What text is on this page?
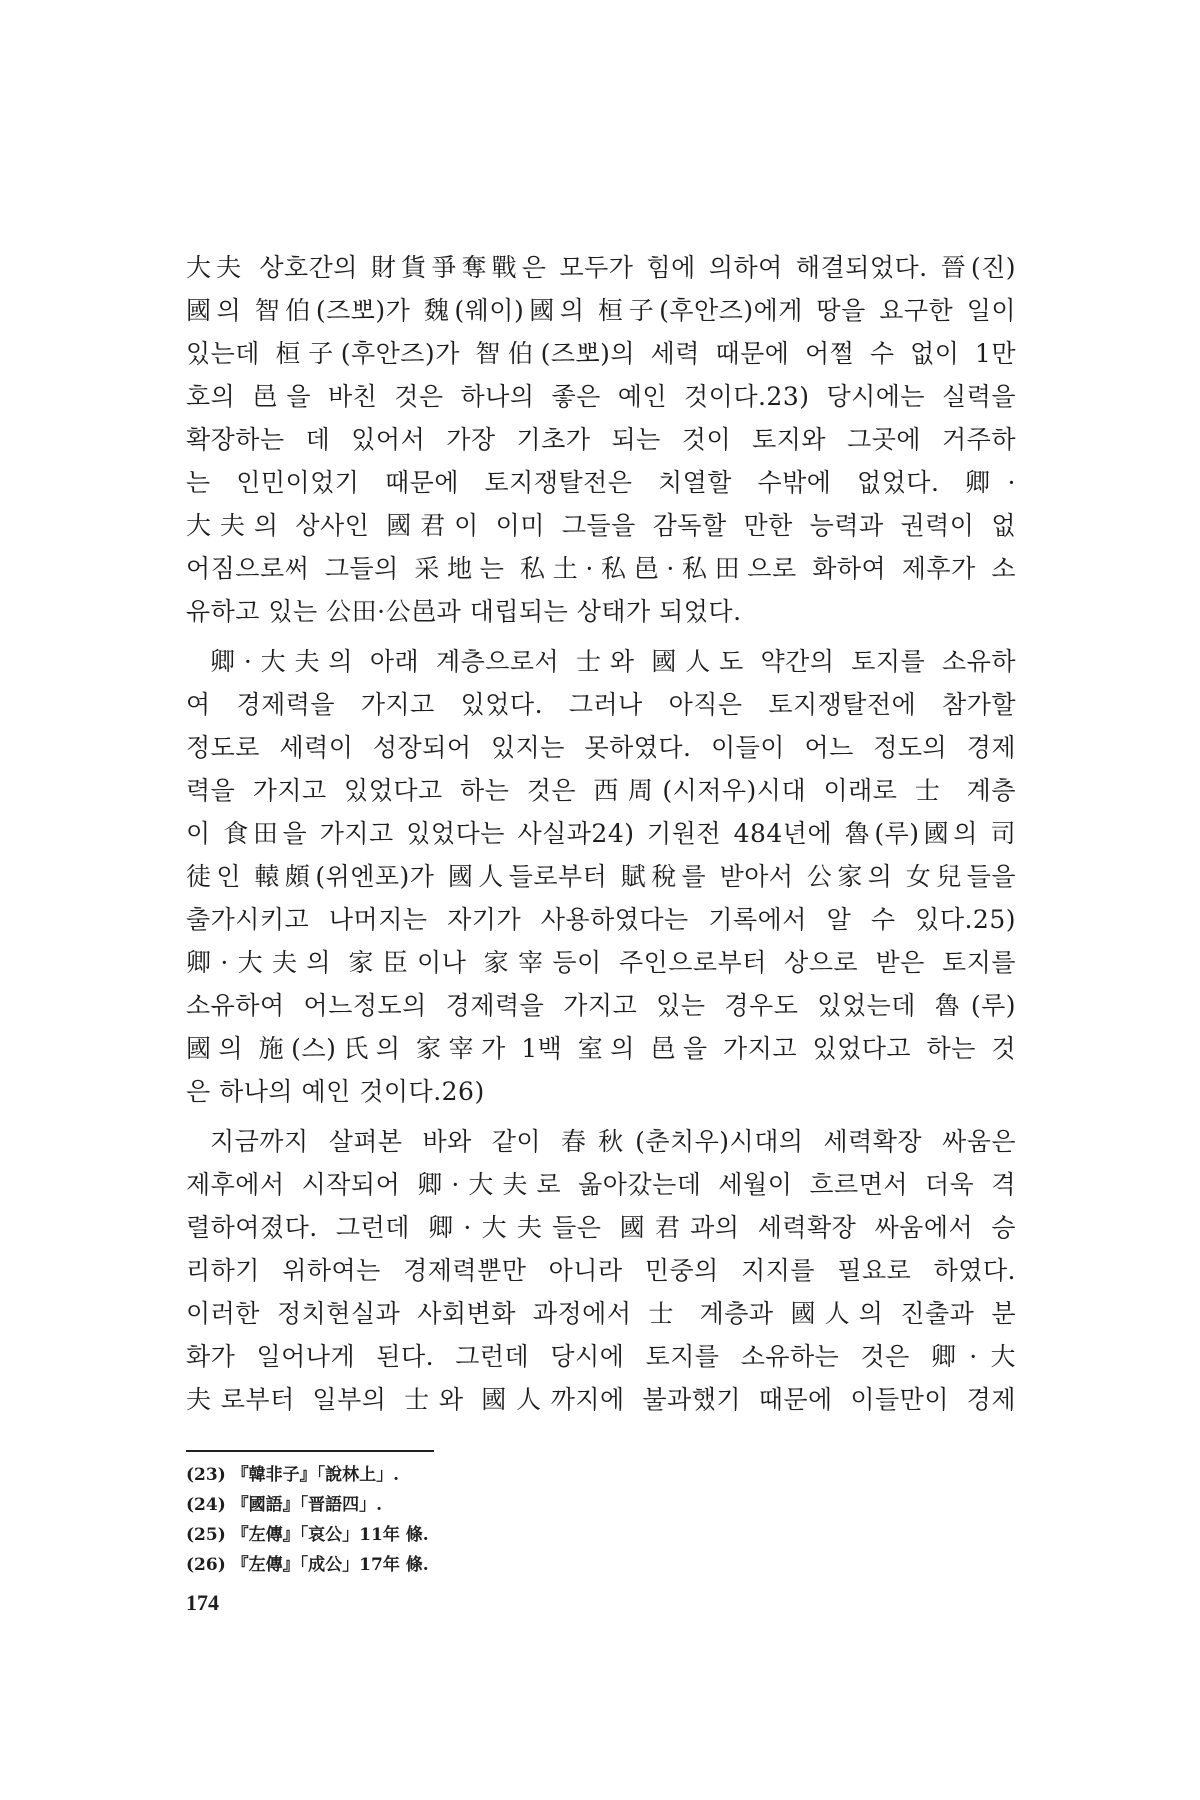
大夫 상호간의 財貨爭奪戰은 모두가 힘에 의하여 해결되었다. 晉(진)
國의 智伯(즈뽀)가 魏(웨이)國의 桓子(후안즈)에게 땅을 요구한 일이
있는데 桓子(후안즈)가 智伯(즈뽀)의 세력 때문에 어쩔 수 없이 1만
호의 邑을 바친 것은 하나의 좋은 예인 것이다.23) 당시에는 실력을
확장하는 데 있어서 가장 기초가 되는 것이 토지와 그곳에 거주하
는 인민이었기 때문에 토지쟁탈전은 치열할 수밖에 없었다. 卿·
大夫의 상사인 國君이 이미 그들을 감독할 만한 능력과 권력이 없
어짐으로써 그들의 采地는 私土·私邑·私田으로 화하여 제후가 소
유하고 있는 公田·公邑과 대립되는 상태가 되었다.
卿·大夫의 아래 계층으로서 士와 國人도 약간의 토지를 소유하
여 경제력을 가지고 있었다. 그러나 아직은 토지쟁탈전에 참가할
정도로 세력이 성장되어 있지는 못하였다. 이들이 어느 정도의 경제
력을 가지고 있었다고 하는 것은 西周(시저우)시대 이래로 士 계층
이 食田을 가지고 있었다는 사실과24) 기원전 484년에 魯(루)國의 司
徒인 轅頗(위엔포)가 國人들로부터 賦稅를 받아서 公家의 女兒들을
출가시키고 나머지는 자기가 사용하였다는 기록에서 알 수 있다.25)
卿·大夫의 家臣이나 家宰등이 주인으로부터 상으로 받은 토지를
소유하여 어느정도의 경제력을 가지고 있는 경우도 있었는데 魯(루)
國의 施(스)氏의 家宰가 1백 室의 邑을 가지고 있었다고 하는 것
은 하나의 예인 것이다.26)
지금까지 살펴본 바와 같이 春秋(춘치우)시대의 세력확장 싸움은
제후에서 시작되어 卿·大夫로 옮아갔는데 세월이 흐르면서 더욱 격
렬하여졌다. 그런데 卿·大夫들은 國君과의 세력확장 싸움에서 승
리하기 위하여는 경제력뿐만 아니라 민중의 지지를 필요로 하였다.
이러한 정치현실과 사회변화 과정에서 士 계층과 國人의 진출과 분
화가 일어나게 된다. 그런데 당시에 토지를 소유하는 것은 卿·大
夫로부터 일부의 士와 國人까지에 불과했기 때문에 이들만이 경제
(23) 『韓非子』「說林上」.
(24) 『國語』「晋語四」.
(25) 『左傳』「哀公」11年 條.
(26) 『左傳』「成公」17年 條.
174
